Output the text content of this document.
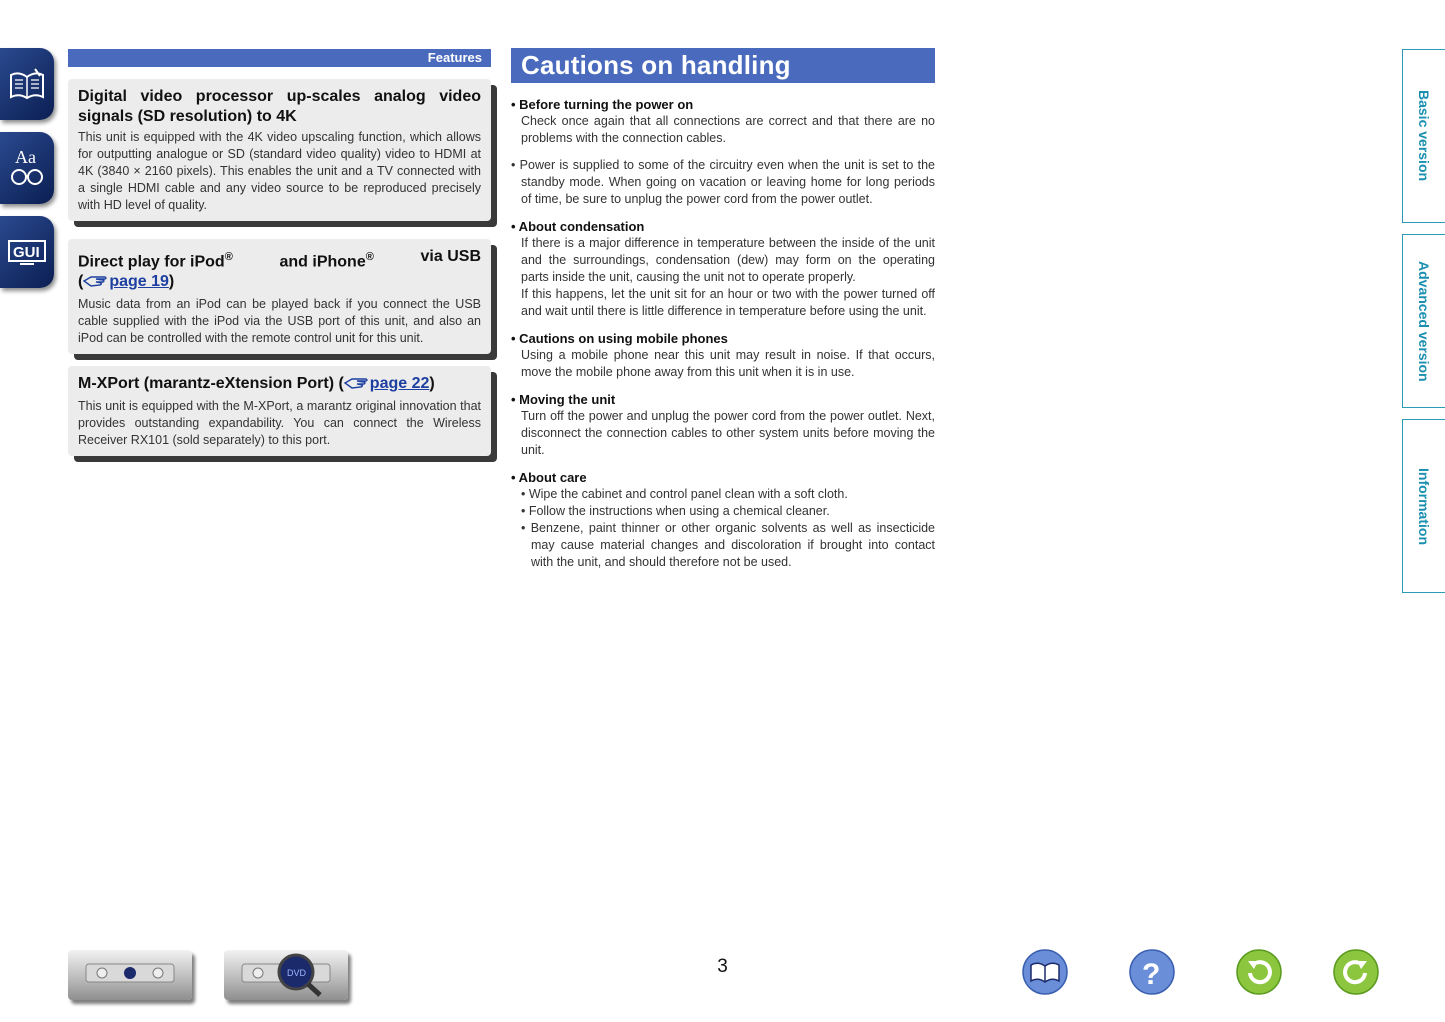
Aa
GUI
Features
Digital video processor up-scales analog video signals (SD resolution) to 4K

This unit is equipped with the 4K video upscaling function, which allows for outputting analogue or SD (standard video quality) video to HDMI at 4K (3840 × 2160 pixels). This enables the unit and a TV connected with a single HDMI cable and any video source to be reproduced precisely with HD level of quality.

Direct play for iPod®	and iPhone®	via USB
( page 19)

Music data from an iPod can be played back if you connect the USB cable supplied with the iPod via the USB port of this unit, and also an iPod can be controlled with the remote control unit for this unit.

M-XPort (marantz-eXtension Port) ( page 22)

This unit is equipped with the M-XPort, a marantz original innovation that provides outstanding expandability. You can connect the Wireless Receiver RX101 (sold separately) to this port.

Cautions on handling
• Before turning the power on
Check once again that all connections are correct and that there are no problems with the connection cables.
• Power is supplied to some of the circuitry even when the unit is set to the standby mode. When going on vacation or leaving home for long periods of time, be sure to unplug the power cord from the power outlet.
• About condensation
If there is a major difference in temperature between the inside of the unit and the surroundings, condensation (dew) may form on the operating parts inside the unit, causing the unit not to operate properly.
If this happens, let the unit sit for an hour or two with the power turned off and wait until there is little difference in temperature before using the unit.
• Cautions on using mobile phones
Using a mobile phone near this unit may result in noise. If that occurs, move the mobile phone away from this unit when it is in use.
• Moving the unit
Turn off the power and unplug the power cord from the power outlet. Next, disconnect the connection cables to other system units before moving the unit.
• About care
• Wipe the cabinet and control panel clean with a soft cloth.
• Follow the instructions when using a chemical cleaner.
• Benzene, paint thinner or other organic solvents as well as insecticide may cause material changes and discoloration if brought into contact with the unit, and should therefore not be used.
Basic version
Advanced version
Information
DVD	3	?
